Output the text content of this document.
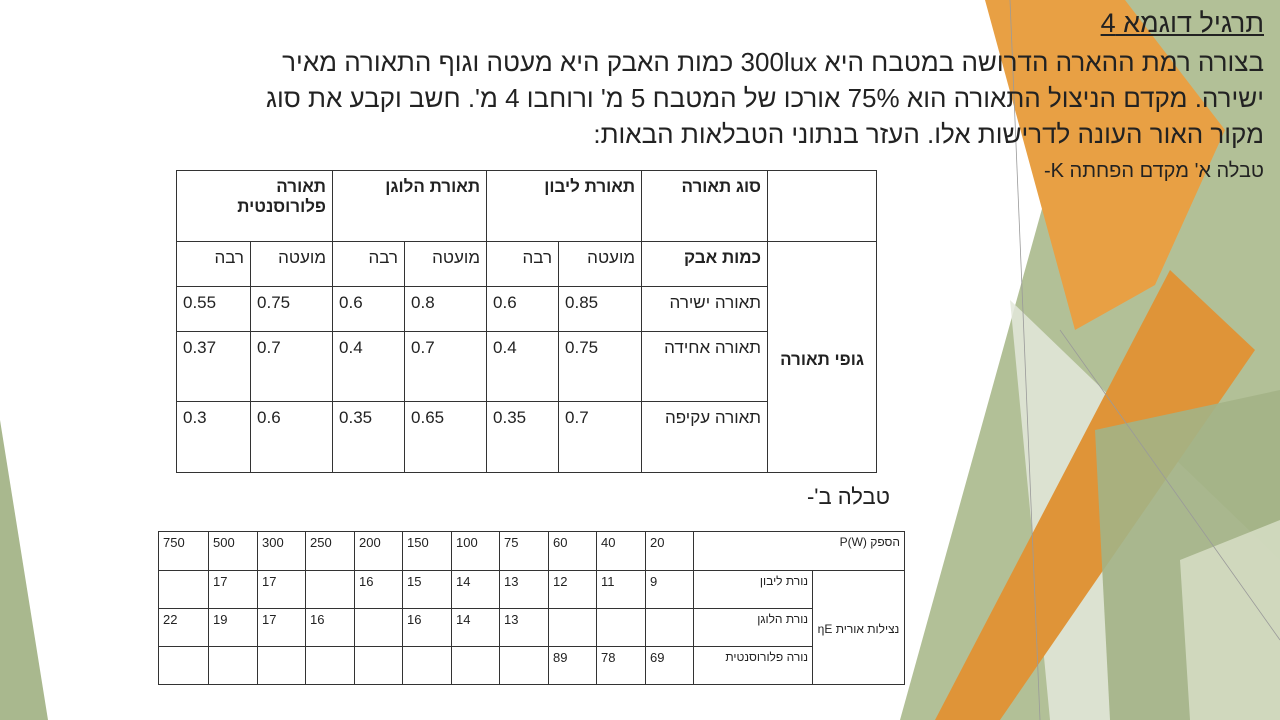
תרגיל דוגמא 4
בצורה רמת ההארה הדרושה במטבח היא 300lux כמות האבק היא מעטה וגוף התאורה מאיר
ישירה. מקדם הניצול התאורה הוא 75% אורכו של המטבח 5 מ' ורוחבו 4 מ'. חשב וקבע את סוג
מקור האור העונה לדרישות אלו. העזר בנתוני הטבלאות הבאות:
טבלה א' מקדם הפחתה K-
	סוג תאורה	תאורת ליבון		תאורת הלוגן		תאורה פלורוסנטית	
גופי תאורה	כמות אבק	מועטה	רבה	מועטה	רבה	מועטה	רבה
	תאורה ישירה	0.85	0.6	0.8	0.6	0.75	0.55
	תאורה אחידה	0.75	0.4	0.7	0.4	0.7	0.37
	תאורה עקיפה	0.7	0.35	0.65	0.35	0.6	0.3
טבלה ב'-
הספק P(W)		20	40	60	75	100	150	200	250	300	500	750
נצילות אורית ηE	נורת ליבון	9	11	12	13	14	15	16		17	17	
	נורת הלוגן				13	14	16		16	17	19	22
	נורה פלורוסנטית	69	78	89								
